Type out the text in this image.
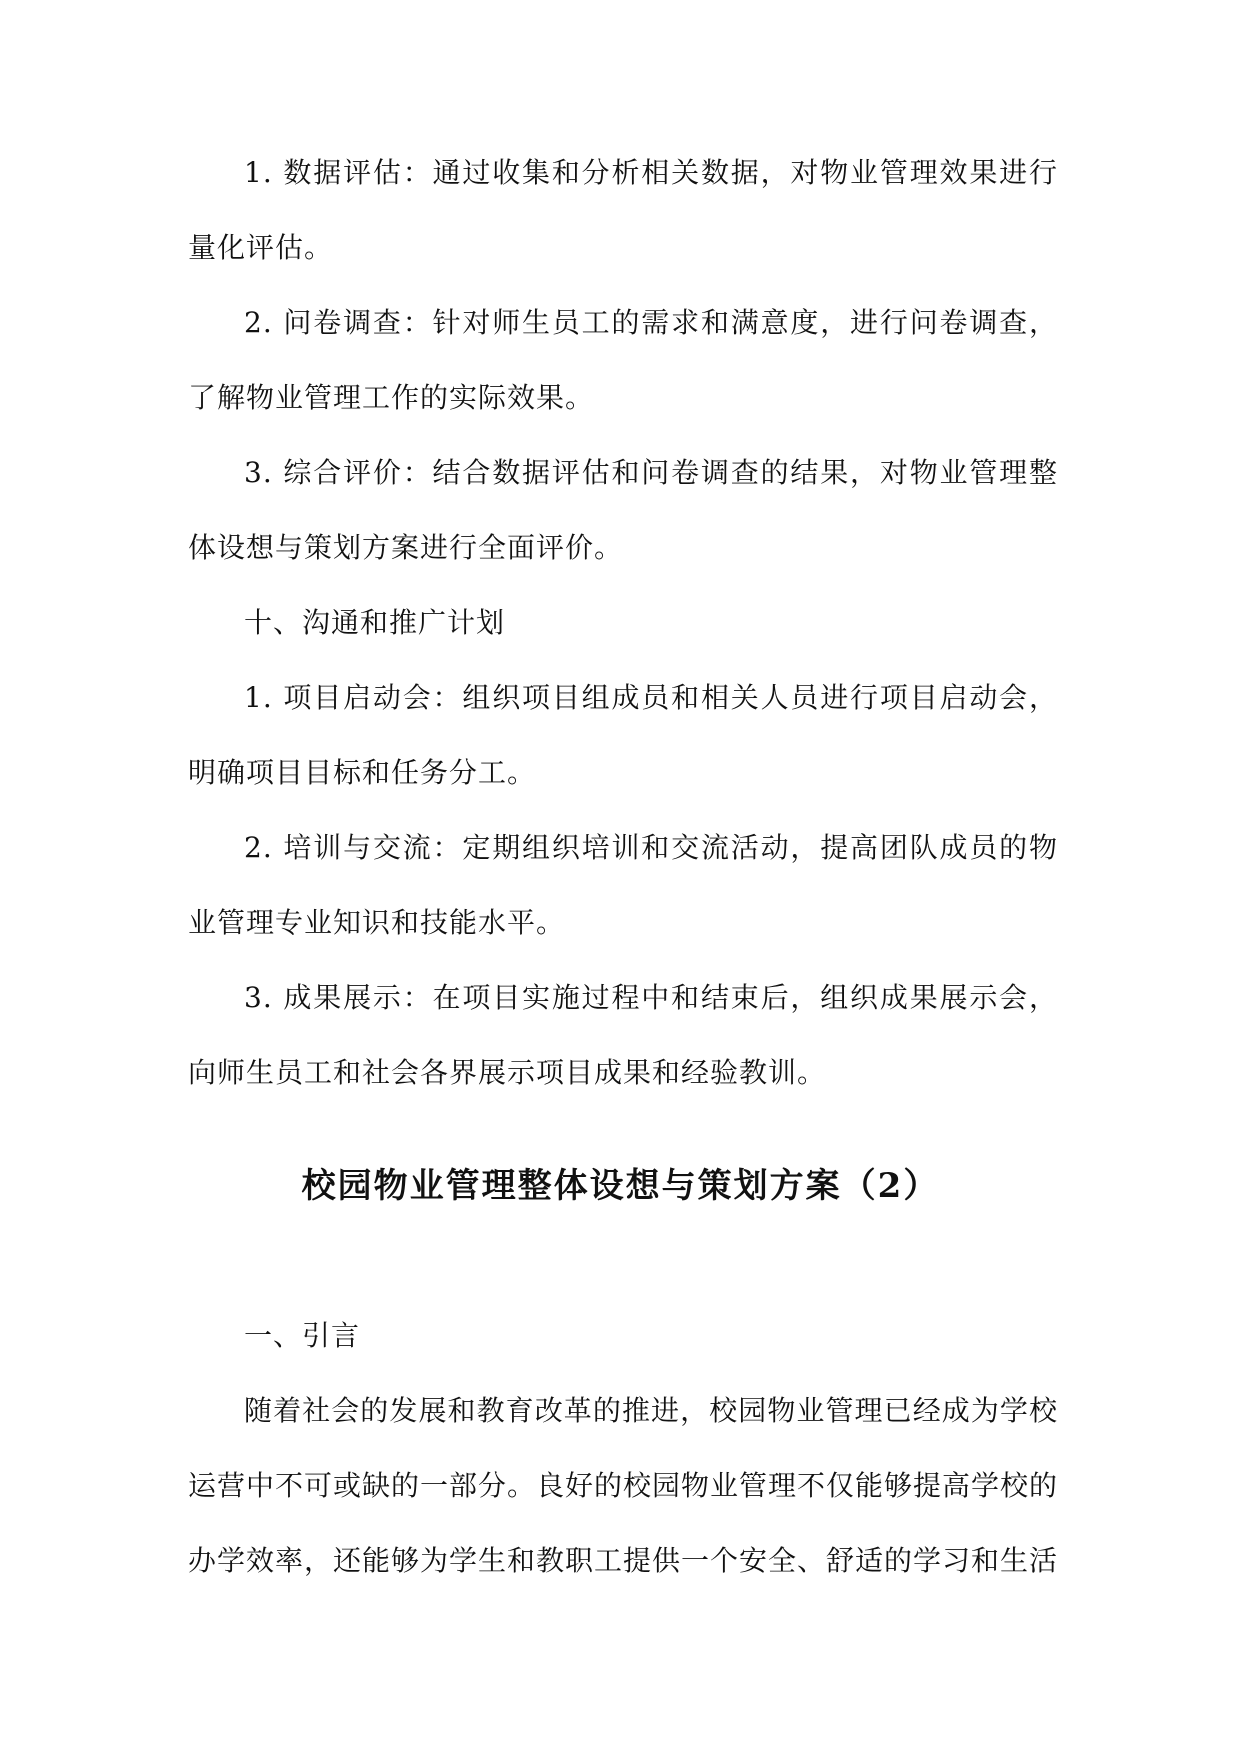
1. 数据评估：通过收集和分析相关数据，对物业管理效果进行量化评估。

2. 问卷调查：针对师生员工的需求和满意度，进行问卷调查，了解物业管理工作的实际效果。

3. 综合评价：结合数据评估和问卷调查的结果，对物业管理整体设想与策划方案进行全面评价。

十、沟通和推广计划

1. 项目启动会：组织项目组成员和相关人员进行项目启动会，明确项目目标和任务分工。

2. 培训与交流：定期组织培训和交流活动，提高团队成员的物业管理专业知识和技能水平。

3. 成果展示：在项目实施过程中和结束后，组织成果展示会，向师生员工和社会各界展示项目成果和经验教训。

校园物业管理整体设想与策划方案（2）

一、引言

随着社会的发展和教育改革的推进，校园物业管理已经成为学校运营中不可或缺的一部分。良好的校园物业管理不仅能够提高学校的办学效率，还能够为学生和教职工提供一个安全、舒适的学习和生活
